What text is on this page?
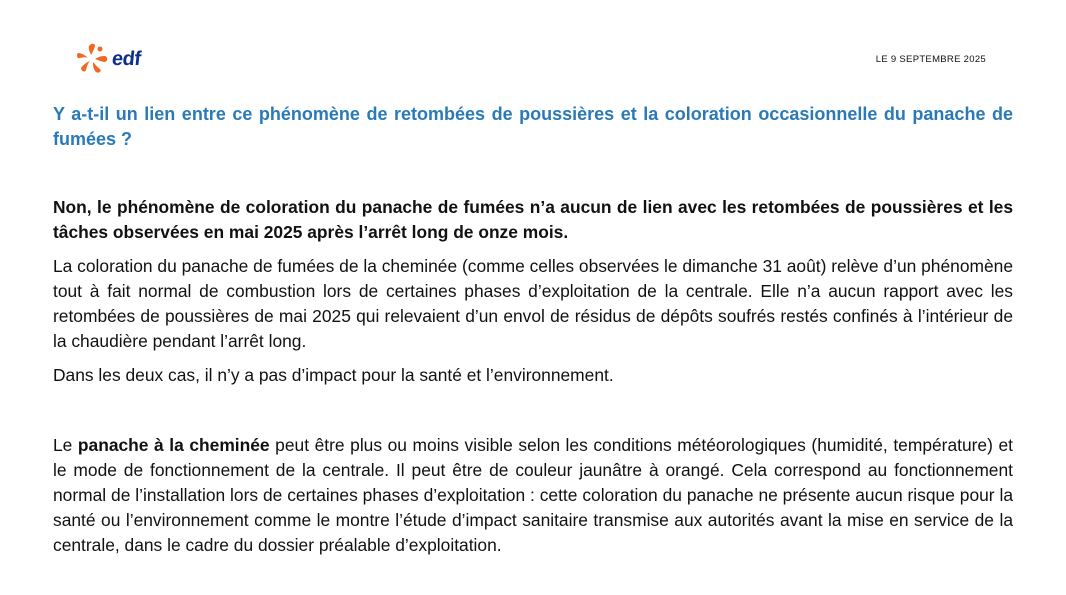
edf	LE 9 SEPTEMBRE 2025

Y a-t-il un lien entre ce phénomène de retombées de poussières et la coloration occasionnelle du panache de fumées ?

Non, le phénomène de coloration du panache de fumées n’a aucun de lien avec les retombées de poussières et les tâches observées en mai 2025 après l’arrêt long de onze mois.

La coloration du panache de fumées de la cheminée (comme celles observées le dimanche 31 août) relève d’un phénomène tout à fait normal de combustion lors de certaines phases d’exploitation de la centrale. Elle n’a aucun rapport avec les retombées de poussières de mai 2025 qui relevaient d’un envol de résidus de dépôts soufrés restés confinés à l’intérieur de la chaudière pendant l’arrêt long.

Dans les deux cas, il n’y a pas d’impact pour la santé et l’environnement.

Le panache à la cheminée peut être plus ou moins visible selon les conditions météorologiques (humidité, température) et le mode de fonctionnement de la centrale. Il peut être de couleur jaunâtre à orangé. Cela correspond au fonctionnement normal de l’installation lors de certaines phases d’exploitation : cette coloration du panache ne présente aucun risque pour la santé ou l’environnement comme le montre l’étude d’impact sanitaire transmise aux autorités avant la mise en service de la centrale, dans le cadre du dossier préalable d’exploitation.
